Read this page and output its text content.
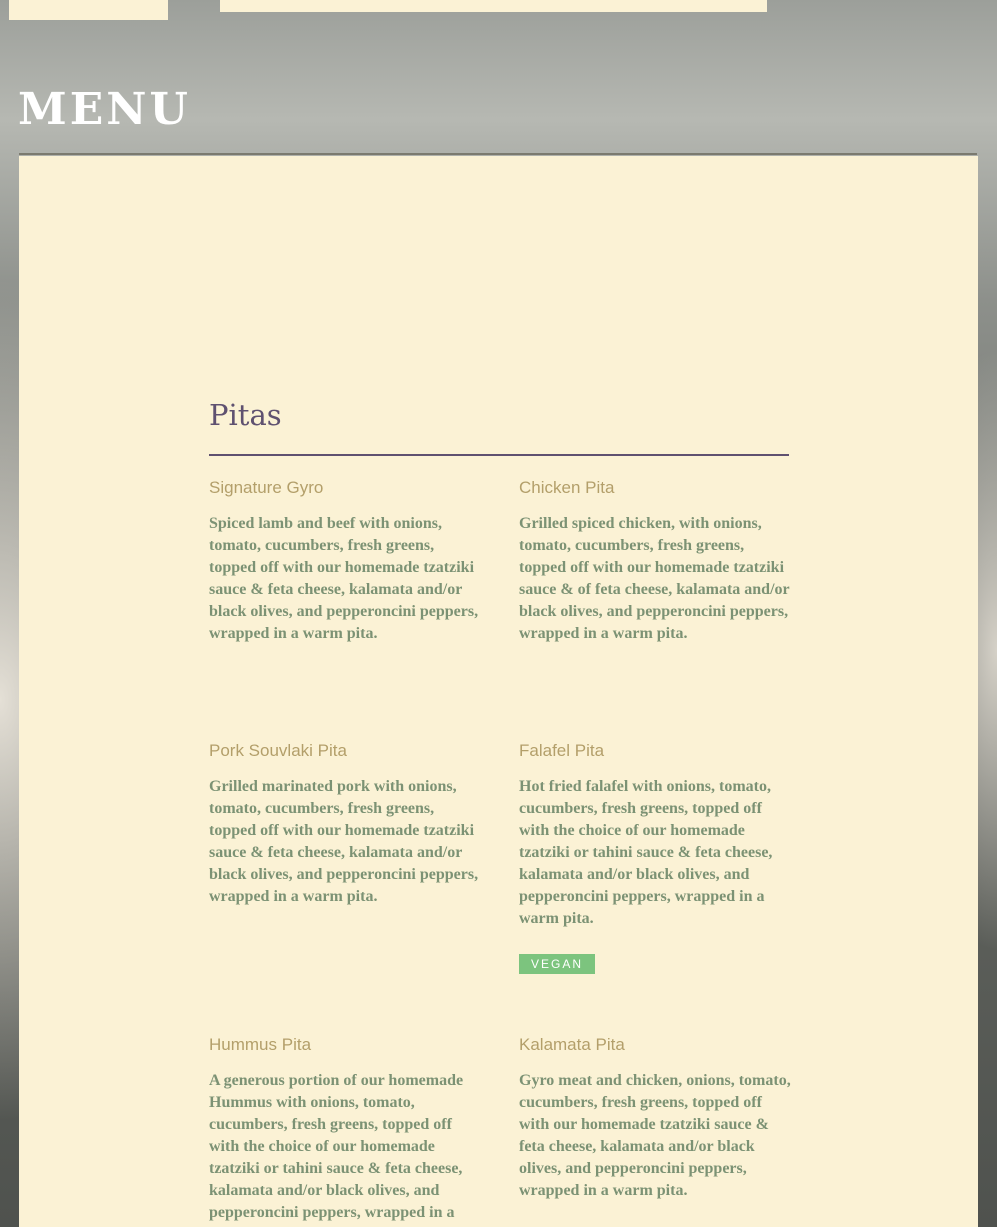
MENU
Pitas
Signature Gyro

Spiced lamb and beef with onions, tomato, cucumbers, fresh greens, topped off with our homemade tzatziki sauce & feta cheese, kalamata and/or black olives, and pepperoncini peppers, wrapped in a warm pita.

Chicken Pita

Grilled spiced chicken, with onions, tomato, cucumbers, fresh greens, topped off with our homemade tzatziki sauce & of feta cheese, kalamata and/or black olives, and pepperoncini peppers, wrapped in a warm pita.

Pork Souvlaki Pita

Grilled marinated pork with onions, tomato, cucumbers, fresh greens, topped off with our homemade tzatziki sauce & feta cheese, kalamata and/or black olives, and pepperoncini peppers, wrapped in a warm pita.

Falafel Pita

Hot fried falafel with onions, tomato, cucumbers, fresh greens, topped off with the choice of our homemade tzatziki or tahini sauce & feta cheese, kalamata and/or black olives, and pepperoncini peppers, wrapped in a warm pita.

VEGAN
Hummus Pita

A generous portion of our homemade Hummus with onions, tomato, cucumbers, fresh greens, topped off with the choice of our homemade tzatziki or tahini sauce & feta cheese, kalamata and/or black olives, and pepperoncini peppers, wrapped in a

Kalamata Pita

Gyro meat and chicken, onions, tomato, cucumbers, fresh greens, topped off with our homemade tzatziki sauce & feta cheese, kalamata and/or black olives, and pepperoncini peppers, wrapped in a warm pita.
